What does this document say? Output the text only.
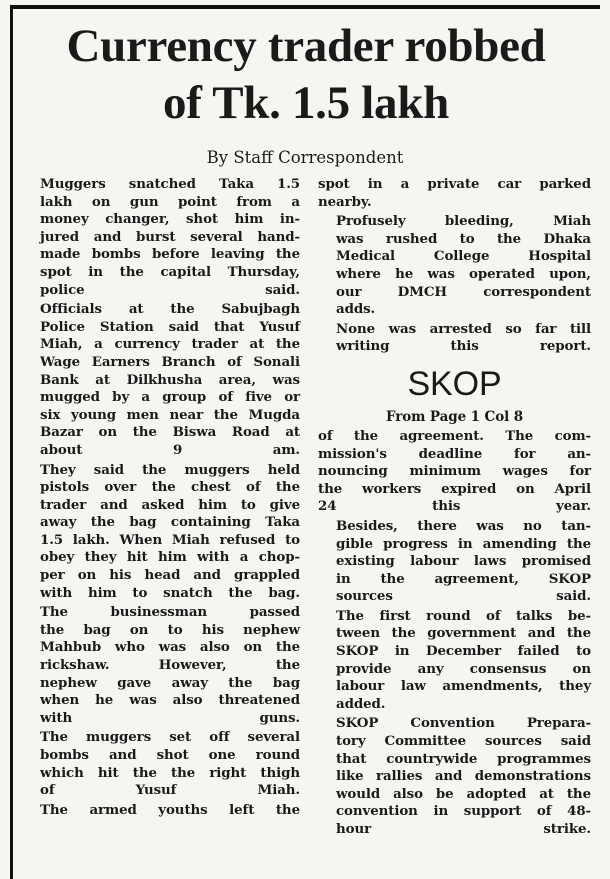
Currency trader robbed
of Tk. 1.5 lakh
By Staff Correspondent

Muggers snatched Taka 1.5
lakh on gun point from a
money changer, shot him in-
jured and burst several hand-
made bombs before leaving the
spot in the capital Thursday,
police said.

Officials at the Sabujbagh
Police Station said that Yusuf
Miah, a currency trader at the
Wage Earners Branch of Sonali
Bank at Dilkhusha area, was
mugged by a group of five or
six young men near the Mugda
Bazar on the Biswa Road at
about 9 am.

They said the muggers held
pistols over the chest of the
trader and asked him to give
away the bag containing Taka
1.5 lakh. When Miah refused to
obey they hit him with a chop-
per on his head and grappled
with him to snatch the bag.

The businessman passed
the bag on to his nephew
Mahbub who was also on the
rickshaw. However, the
nephew gave away the bag
when he was also threatened
with guns.

The muggers set off several
bombs and shot one round
which hit the the right thigh
of Yusuf Miah.

The armed youths left the

spot in a private car parked
nearby.

Profusely bleeding, Miah
was rushed to the Dhaka
Medical College Hospital
where he was operated upon,
our DMCH correspondent
adds.

None was arrested so far till
writing this report.

SKOP
From Page 1 Col 8

of the agreement. The com-
mission's deadline for an-
nouncing minimum wages for
the workers expired on April
24 this year.

Besides, there was no tan-
gible progress in amending the
existing labour laws promised
in the agreement, SKOP
sources said.

The first round of talks be-
tween the government and the
SKOP in December failed to
provide any consensus on
labour law amendments, they
added.

SKOP Convention Prepara-
tory Committee sources said
that countrywide programmes
like rallies and demonstrations
would also be adopted at the
convention in support of 48-
hour strike.
